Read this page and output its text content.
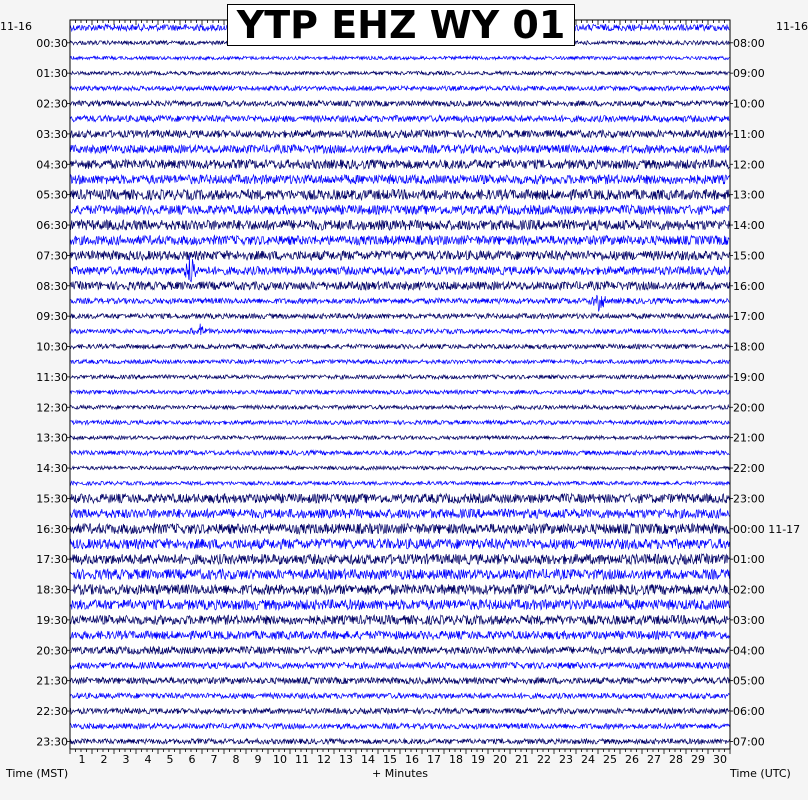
1 2 3 4 5 6 7 8 9 10 11 12 13 14 15 16 17 18 19 20 21 22 23 24 25 26 27 28 29 30
00:30
01:30
02:30
03:30
04:30
05:30
06:30
07:30
08:30
09:30
10:30
11:30
12:30
13:30
14:30
15:30
16:30
17:30
18:30
19:30
20:30
21:30
22:30
23:30
08:00
09:00
10:00
11:00
12:00
13:00
14:00
15:00
16:00
17:00
18:00
19:00
20:00
21:00
22:00
23:00
00:00 11-17
01:00
02:00
03:00
04:00
05:00
06:00
07:00
YTP EHZ WY 01
11-16	11-16
Time (MST)	Time (UTC)
+ Minutes
